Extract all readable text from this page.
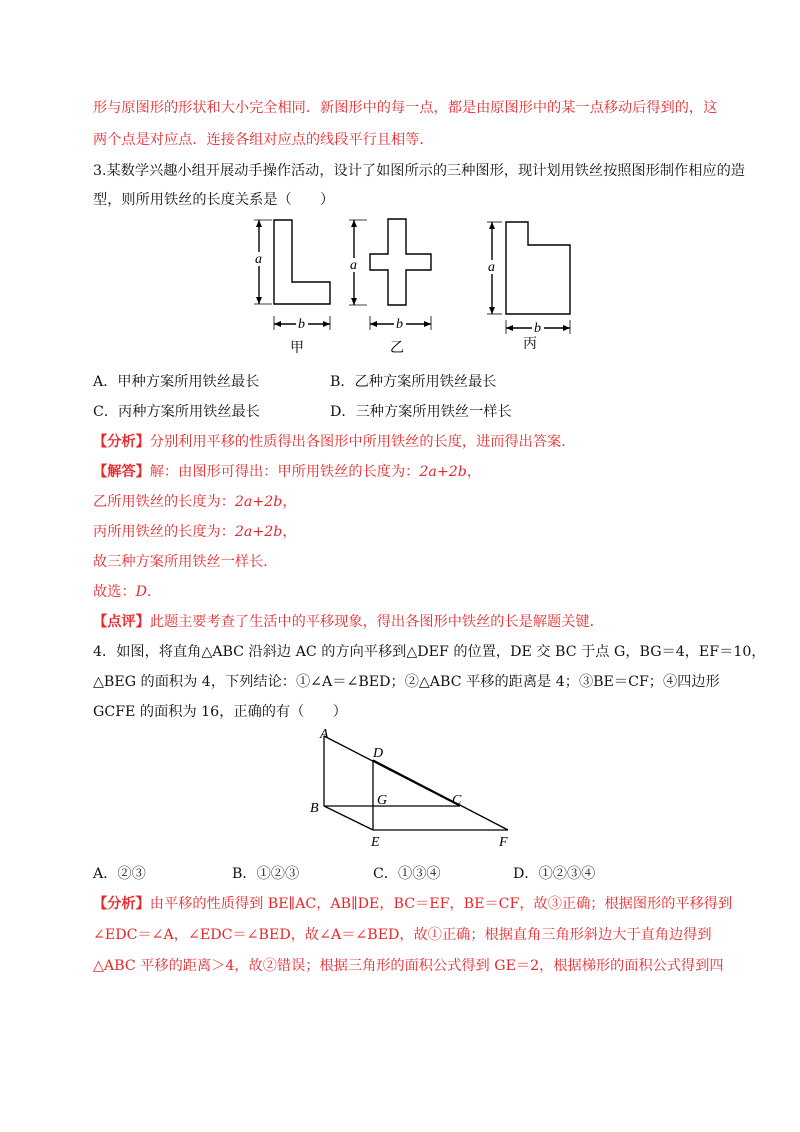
形与原图形的形状和大小完全相同．新图形中的每一点，都是由原图形中的某一点移动后得到的，这
两个点是对应点．连接各组对应点的线段平行且相等．
3.某数学兴趣小组开展动手操作活动，设计了如图所示的三种图形，现计划用铁丝按照图形制作相应的造
型，则所用铁丝的长度关系是（　　）
a	a	a
b	b	b
甲	乙	丙
A．甲种方案所用铁丝最长	B．乙种方案所用铁丝最长
C．丙种方案所用铁丝最长	D．三种方案所用铁丝一样长
【分析】分别利用平移的性质得出各图形中所用铁丝的长度，进而得出答案．
【解答】解：由图形可得出：甲所用铁丝的长度为：2a+2b，
乙所用铁丝的长度为：2a+2b，
丙所用铁丝的长度为：2a+2b，
故三种方案所用铁丝一样长．
故选：D．
【点评】此题主要考查了生活中的平移现象，得出各图形中铁丝的长是解题关键．
4．如图，将直角△ABC 沿斜边 AC 的方向平移到△DEF 的位置，DE 交 BC 于点 G，BG＝4，EF＝10，
△BEG 的面积为 4，下列结论：①∠A＝∠BED；②△ABC 平移的距离是 4；③BE＝CF；④四边形
GCFE 的面积为 16，正确的有（　　）
A
D
G	C
B
E	F
A．②③	B．①②③	C．①③④	D．①②③④
【分析】由平移的性质得到 BE∥AC，AB∥DE，BC＝EF，BE＝CF，故③正确；根据图形的平移得到
∠EDC＝∠A，∠EDC＝∠BED，故∠A＝∠BED，故①正确；根据直角三角形斜边大于直角边得到
△ABC 平移的距离＞4，故②错误；根据三角形的面积公式得到 GE＝2，根据梯形的面积公式得到四
